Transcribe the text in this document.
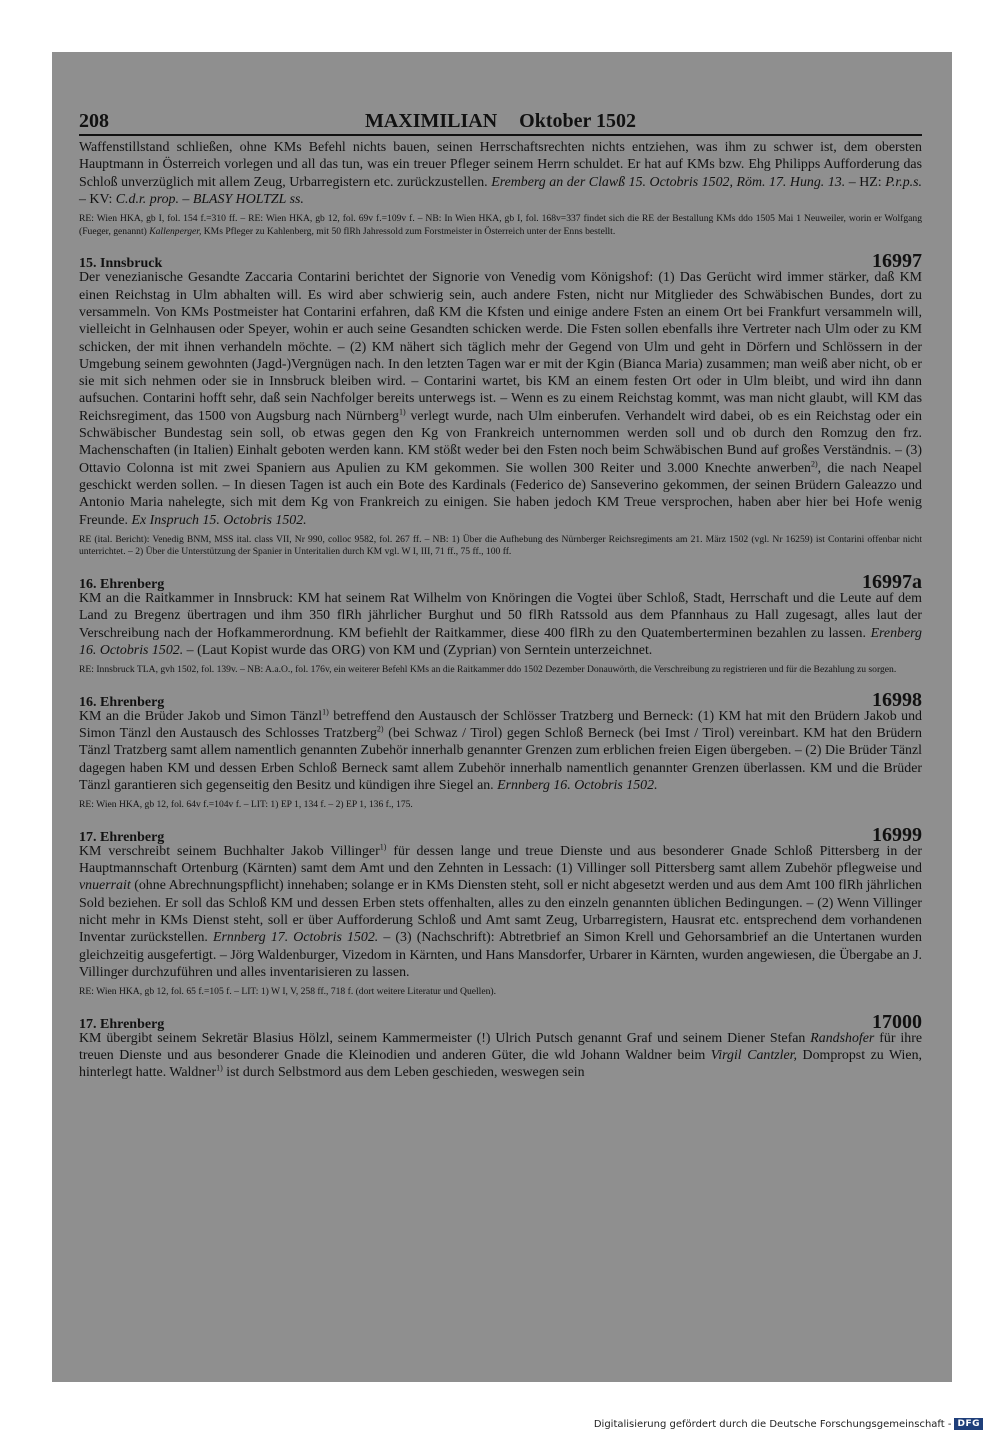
208	MAXIMILIAN Oktober 1502

Waffenstillstand schließen, ohne KMs Befehl nichts bauen, seinen Herrschaftsrechten nichts entziehen, was ihm zu schwer ist, dem obersten Hauptmann in Österreich vorlegen und all das tun, was ein treuer Pfleger seinem Herrn schuldet. Er hat auf KMs bzw. Ehg Philipps Aufforderung das Schloß unverzüglich mit allem Zeug, Urbarregistern etc. zurückzustellen. Eremberg an der Clawß 15. Octobris 1502, Röm. 17. Hung. 13. – HZ: P.r.p.s. – KV: C.d.r. prop. – BLASY HOLTZL ss.

RE: Wien HKA, gb I, fol. 154 f.=310 ff. – RE: Wien HKA, gb 12, fol. 69v f.=109v f. – NB: In Wien HKA, gb I, fol. 168v=337 findet sich die RE der Bestallung KMs ddo 1505 Mai 1 Neuweiler, worin er Wolfgang (Fueger, genannt) Kallenperger, KMs Pfleger zu Kahlenberg, mit 50 flRh Jahressold zum Forstmeister in Österreich unter der Enns bestellt.

15. Innsbruck	16997

Der venezianische Gesandte Zaccaria Contarini berichtet der Signorie von Venedig vom Königshof: (1) Das Gerücht wird immer stärker, daß KM einen Reichstag in Ulm abhalten will. Es wird aber schwierig sein, auch andere Fsten, nicht nur Mitglieder des Schwäbischen Bundes, dort zu versammeln. Von KMs Postmeister hat Contarini erfahren, daß KM die Kfsten und einige andere Fsten an einem Ort bei Frankfurt versammeln will, vielleicht in Gelnhausen oder Speyer, wohin er auch seine Gesandten schicken werde. Die Fsten sollen ebenfalls ihre Vertreter nach Ulm oder zu KM schicken, der mit ihnen verhandeln möchte. – (2) KM nähert sich täglich mehr der Gegend von Ulm und geht in Dörfern und Schlössern in der Umgebung seinem gewohnten (Jagd-)Vergnügen nach. In den letzten Tagen war er mit der Kgin (Bianca Maria) zusammen; man weiß aber nicht, ob er sie mit sich nehmen oder sie in Innsbruck bleiben wird. – Contarini wartet, bis KM an einem festen Ort oder in Ulm bleibt, und wird ihn dann aufsuchen. Contarini hofft sehr, daß sein Nachfolger bereits unterwegs ist. – Wenn es zu einem Reichstag kommt, was man nicht glaubt, will KM das Reichsregiment, das 1500 von Augsburg nach Nürnberg$^{1)}$ verlegt wurde, nach Ulm einberufen. Verhandelt wird dabei, ob es ein Reichstag oder ein Schwäbischer Bundestag sein soll, ob etwas gegen den Kg von Frankreich unternommen werden soll und ob durch den Romzug den frz. Machenschaften (in Italien) Einhalt geboten werden kann. KM stößt weder bei den Fsten noch beim Schwäbischen Bund auf großes Verständnis. – (3) Ottavio Colonna ist mit zwei Spaniern aus Apulien zu KM gekommen. Sie wollen 300 Reiter und 3.000 Knechte anwerben$^{2)}$, die nach Neapel geschickt werden sollen. – In diesen Tagen ist auch ein Bote des Kardinals (Federico de) Sanseverino gekommen, der seinen Brüdern Galeazzo und Antonio Maria nahelegte, sich mit dem Kg von Frankreich zu einigen. Sie haben jedoch KM Treue versprochen, haben aber hier bei Hofe wenig Freunde. Ex Inspruch 15. Octobris 1502.

RE (ital. Bericht): Venedig BNM, MSS ital. class VII, Nr 990, colloc 9582, fol. 267 ff. – NB: 1) Über die Aufhebung des Nürnberger Reichsregiments am 21. März 1502 (vgl. Nr 16259) ist Contarini offenbar nicht unterrichtet. – 2) Über die Unterstützung der Spanier in Unteritalien durch KM vgl. W I, III, 71 ff., 75 ff., 100 ff.

16. Ehrenberg	16997a

KM an die Raitkammer in Innsbruck: KM hat seinem Rat Wilhelm von Knöringen die Vogtei über Schloß, Stadt, Herrschaft und die Leute auf dem Land zu Bregenz übertragen und ihm 350 flRh jährlicher Burghut und 50 flRh Ratssold aus dem Pfannhaus zu Hall zugesagt, alles laut der Verschreibung nach der Hofkammerordnung. KM befiehlt der Raitkammer, diese 400 flRh zu den Quatemberterminen bezahlen zu lassen. Erenberg 16. Octobris 1502. – (Laut Kopist wurde das ORG) von KM und (Zyprian) von Serntein unterzeichnet.

RE: Innsbruck TLA, gvh 1502, fol. 139v. – NB: A.a.O., fol. 176v, ein weiterer Befehl KMs an die Raitkammer ddo 1502 Dezember Donauwörth, die Verschreibung zu registrieren und für die Bezahlung zu sorgen.

16. Ehrenberg	16998

KM an die Brüder Jakob und Simon Tänzl$^{1)}$ betreffend den Austausch der Schlösser Tratzberg und Berneck: (1) KM hat mit den Brüdern Jakob und Simon Tänzl den Austausch des Schlosses Tratzberg$^{2)}$ (bei Schwaz / Tirol) gegen Schloß Berneck (bei Imst / Tirol) vereinbart. KM hat den Brüdern Tänzl Tratzberg samt allem namentlich genannten Zubehör innerhalb genannter Grenzen zum erblichen freien Eigen übergeben. – (2) Die Brüder Tänzl dagegen haben KM und dessen Erben Schloß Berneck samt allem Zubehör innerhalb namentlich genannter Grenzen überlassen. KM und die Brüder Tänzl garantieren sich gegenseitig den Besitz und kündigen ihre Siegel an. Ernnberg 16. Octobris 1502.

RE: Wien HKA, gb 12, fol. 64v f.=104v f. – LIT: 1) EP 1, 134 f. – 2) EP 1, 136 f., 175.

17. Ehrenberg	16999

KM verschreibt seinem Buchhalter Jakob Villinger$^{1)}$ für dessen lange und treue Dienste und aus besonderer Gnade Schloß Pittersberg in der Hauptmannschaft Ortenburg (Kärnten) samt dem Amt und den Zehnten in Lessach: (1) Villinger soll Pittersberg samt allem Zubehör pflegweise und vnuerrait (ohne Abrechnungspflicht) innehaben; solange er in KMs Diensten steht, soll er nicht abgesetzt werden und aus dem Amt 100 flRh jährlichen Sold beziehen. Er soll das Schloß KM und dessen Erben stets offenhalten, alles zu den einzeln genannten üblichen Bedingungen. – (2) Wenn Villinger nicht mehr in KMs Dienst steht, soll er über Aufforderung Schloß und Amt samt Zeug, Urbarregistern, Hausrat etc. entsprechend dem vorhandenen Inventar zurückstellen. Ernnberg 17. Octobris 1502. – (3) (Nachschrift): Abtretbrief an Simon Krell und Gehorsambrief an die Untertanen wurden gleichzeitig ausgefertigt. – Jörg Waldenburger, Vizedom in Kärnten, und Hans Mansdorfer, Urbarer in Kärnten, wurden angewiesen, die Übergabe an J. Villinger durchzuführen und alles inventarisieren zu lassen.

RE: Wien HKA, gb 12, fol. 65 f.=105 f. – LIT: 1) W I, V, 258 ff., 718 f. (dort weitere Literatur und Quellen).

17. Ehrenberg	17000

KM übergibt seinem Sekretär Blasius Hölzl, seinem Kammermeister (!) Ulrich Putsch genannt Graf und seinem Diener Stefan Randshofer für ihre treuen Dienste und aus besonderer Gnade die Kleinodien und anderen Güter, die wld Johann Waldner beim Virgil Cantzler, Dompropst zu Wien, hinterlegt hatte. Waldner$^{1)}$ ist durch Selbstmord aus dem Leben geschieden, weswegen sein

Digitalisierung gefördert durch die Deutsche Forschungsgemeinschaft - DFG
